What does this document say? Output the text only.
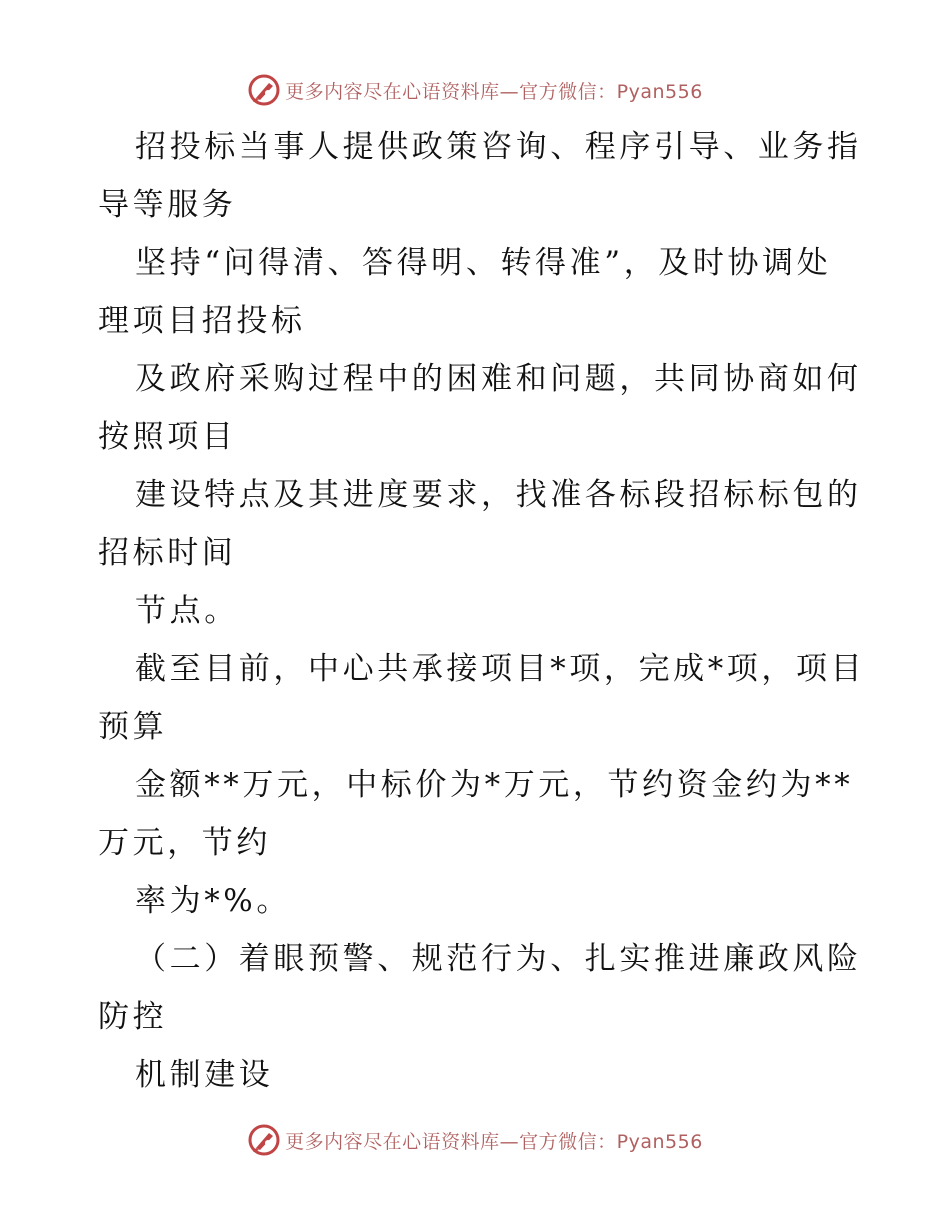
更多内容尽在心语资料库—官方微信：Pyan556
招投标当事人提供政策咨询、程序引导、业务指
导等服务
坚持“问得清、答得明、转得准”，及时协调处
理项目招投标
及政府采购过程中的困难和问题，共同协商如何
按照项目
建设特点及其进度要求，找准各标段招标标包的
招标时间
节点。
截至目前，中心共承接项目*项，完成*项，项目
预算
金额**万元，中标价为*万元，节约资金约为**
万元，节约
率为*%。
（二）着眼预警、规范行为、扎实推进廉政风险
防控
机制建设
更多内容尽在心语资料库—官方微信：Pyan556
